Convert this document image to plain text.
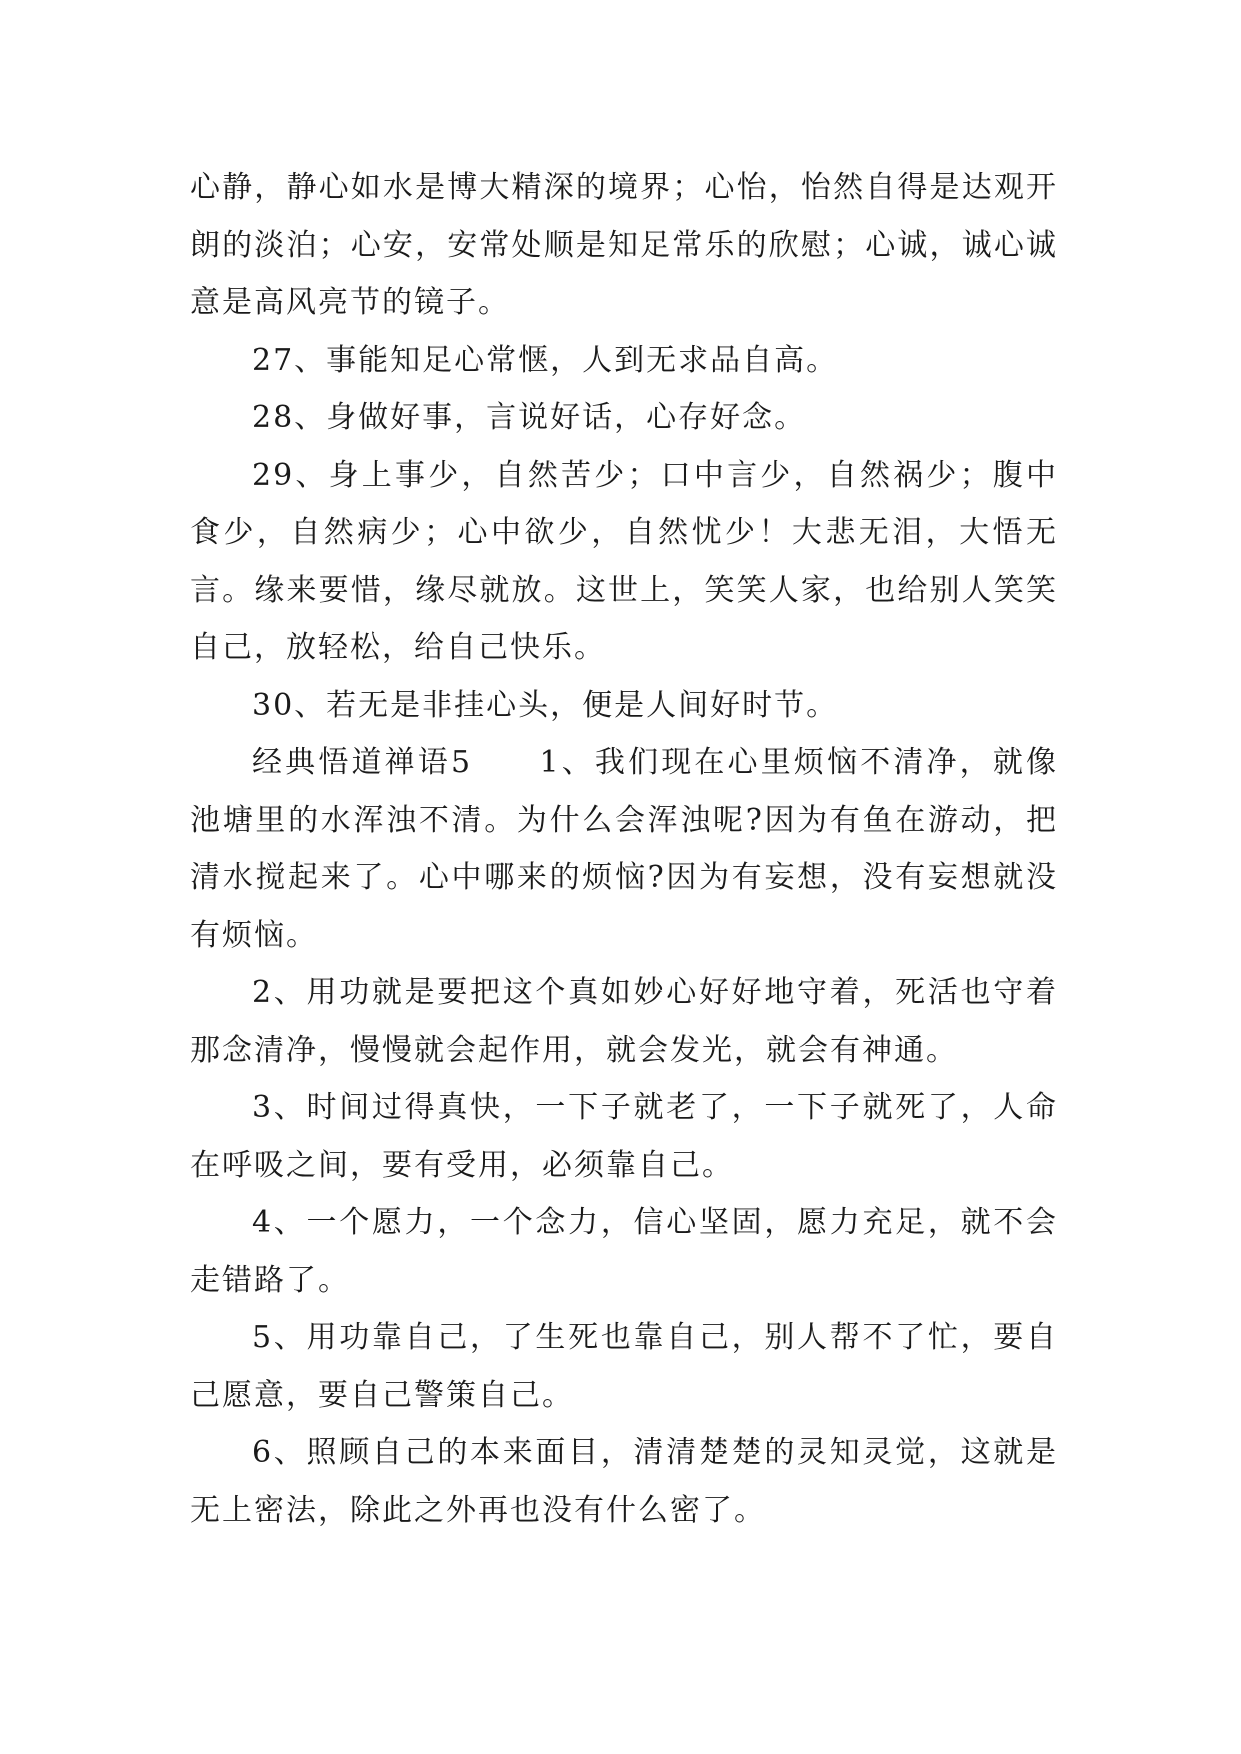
心静，静心如水是博大精深的境界；心怡，怡然自得是达观开朗的淡泊；心安，安常处顺是知足常乐的欣慰；心诚，诚心诚意是高风亮节的镜子。

27、事能知足心常惬，人到无求品自高。

28、身做好事，言说好话，心存好念。

29、身上事少，自然苦少；口中言少，自然祸少；腹中食少，自然病少；心中欲少，自然忧少！大悲无泪，大悟无言。缘来要惜，缘尽就放。这世上，笑笑人家，也给别人笑笑自己，放轻松，给自己快乐。

30、若无是非挂心头，便是人间好时节。

经典悟道禅语5　　1、我们现在心里烦恼不清净，就像池塘里的水浑浊不清。为什么会浑浊呢?因为有鱼在游动，把清水搅起来了。心中哪来的烦恼?因为有妄想，没有妄想就没有烦恼。

2、用功就是要把这个真如妙心好好地守着，死活也守着那念清净，慢慢就会起作用，就会发光，就会有神通。

3、时间过得真快，一下子就老了，一下子就死了，人命在呼吸之间，要有受用，必须靠自己。

4、一个愿力，一个念力，信心坚固，愿力充足，就不会走错路了。

5、用功靠自己，了生死也靠自己，别人帮不了忙，要自己愿意，要自己警策自己。

6、照顾自己的本来面目，清清楚楚的灵知灵觉，这就是无上密法，除此之外再也没有什么密了。
